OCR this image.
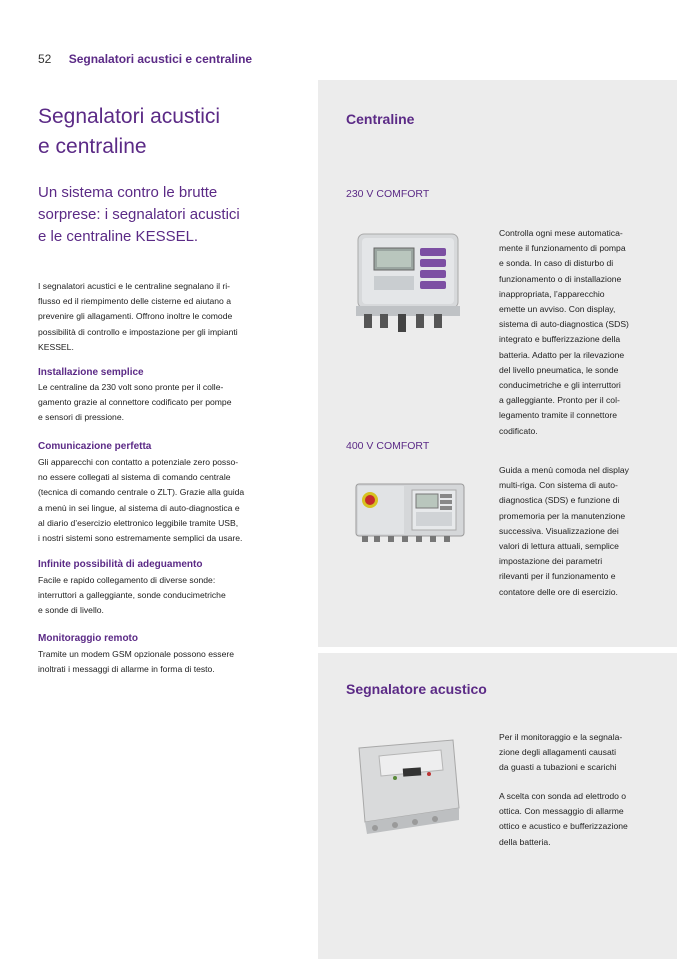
52 Segnalatori acustici e centraline
Segnalatori acustici
e centraline
Un sistema contro le brutte
sorprese: i segnalatori acustici
e le centraline KESSEL.
I segnalatori acustici e le centraline segnalano il ri-
flusso ed il riempimento delle cisterne ed aiutano a
prevenire gli allagamenti. Offrono inoltre le comode
possibilità di controllo e impostazione per gli impianti
KESSEL.
Installazione semplice
Le centraline da 230 volt sono pronte per il colle-
gamento grazie al connettore codificato per pompe
e sensori di pressione.
Comunicazione perfetta
Gli apparecchi con contatto a potenziale zero posso-
no essere collegati al sistema di comando centrale
(tecnica di comando centrale o ZLT). Grazie alla guida
a menù in sei lingue, al sistema di auto-diagnostica e
al diario d’esercizio elettronico leggibile tramite USB,
i nostri sistemi sono estremamente semplici da usare.
Infinite possibilità di adeguamento
Facile e rapido collegamento di diverse sonde:
interruttori a galleggiante, sonde conducimetriche
e sonde di livello.
Monitoraggio remoto
Tramite un modem GSM opzionale possono essere
inoltrati i messaggi di allarme in forma di testo.
Centraline
230 V COMFORT
Controlla ogni mese automatica-
mente il funzionamento di pompa
e sonda. In caso di disturbo di
funzionamento o di installazione
inappropriata, l’apparecchio
emette un avviso. Con display,
sistema di auto-diagnostica (SDS)
integrato e bufferizzazione della
batteria. Adatto per la rilevazione
del livello pneumatica, le sonde
conducimetriche e gli interruttori
a galleggiante. Pronto per il col-
legamento tramite il connettore
codificato.
400 V COMFORT
Guida a menù comoda nel display
multi-riga. Con sistema di auto-
diagnostica (SDS) e funzione di
promemoria per la manutenzione
successiva. Visualizzazione dei
valori di lettura attuali, semplice
impostazione dei parametri
rilevanti per il funzionamento e
contatore delle ore di esercizio.
Segnalatore acustico
Per il monitoraggio e la segnala-
zione degli allagamenti causati
da guasti a tubazioni e scarichi
A scelta con sonda ad elettrodo o
ottica. Con messaggio di allarme
ottico e acustico e bufferizzazione
della batteria.
